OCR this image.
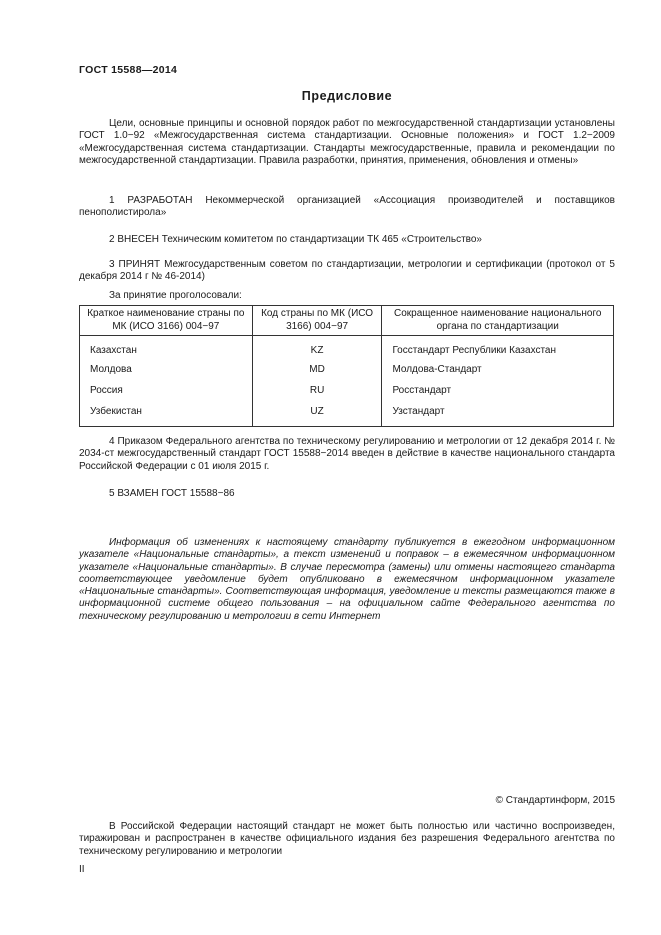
ГОСТ 15588—2014
Предисловие

Цели, основные принципы и основной порядок работ по межгосударственной стандартизации установлены ГОСТ 1.0−92 «Межгосударственная система стандартизации. Основные положения» и ГОСТ 1.2−2009 «Межгосударственная система стандартизации. Стандарты межгосударственные, правила и рекомендации по межгосударственной стандартизации. Правила разработки, принятия, применения, обновления и отмены»

1 РАЗРАБОТАН Некоммерческой организацией «Ассоциация производителей и поставщиков пенополистирола»

2 ВНЕСЕН Техническим комитетом по стандартизации ТК 465 «Строительство»

3 ПРИНЯТ Межгосударственным советом по стандартизации, метрологии и сертификации (протокол от 5 декабря 2014 г № 46-2014)

За принятие проголосовали:

Краткое наименование страны по МК (ИСО 3166) 004−97	Код страны по МК (ИСО 3166) 004−97	Сокращенное наименование национального органа по стандартизации
Казахстан	KZ	Госстандарт Республики Казахстан
Молдова	MD	Молдова-Стандарт
Россия	RU	Росстандарт
Узбекистан	UZ	Узстандарт

4 Приказом Федерального агентства по техническому регулированию и метрологии от 12 декабря 2014 г. № 2034-ст межгосударственный стандарт ГОСТ 15588−2014 введен в действие в качестве национального стандарта Российской Федерации с 01 июля 2015 г.

5 ВЗАМЕН ГОСТ 15588−86

Информация об изменениях к настоящему стандарту публикуется в ежегодном информационном указателе «Национальные стандарты», а текст изменений и поправок – в ежемесячном информационном указателе «Национальные стандарты». В случае пересмотра (замены) или отмены настоящего стандарта соответствующее уведомление будет опубликовано в ежемесячном информационном указателе «Национальные стандарты». Соответствующая информация, уведомление и тексты размещаются также в информационной системе общего пользования – на официальном сайте Федерального агентства по техническому регулированию и метрологии в сети Интернет

© Стандартинформ, 2015

В Российской Федерации настоящий стандарт не может быть полностью или частично воспроизведен, тиражирован и распространен в качестве официального издания без разрешения Федерального агентства по техническому регулированию и метрологии

II
